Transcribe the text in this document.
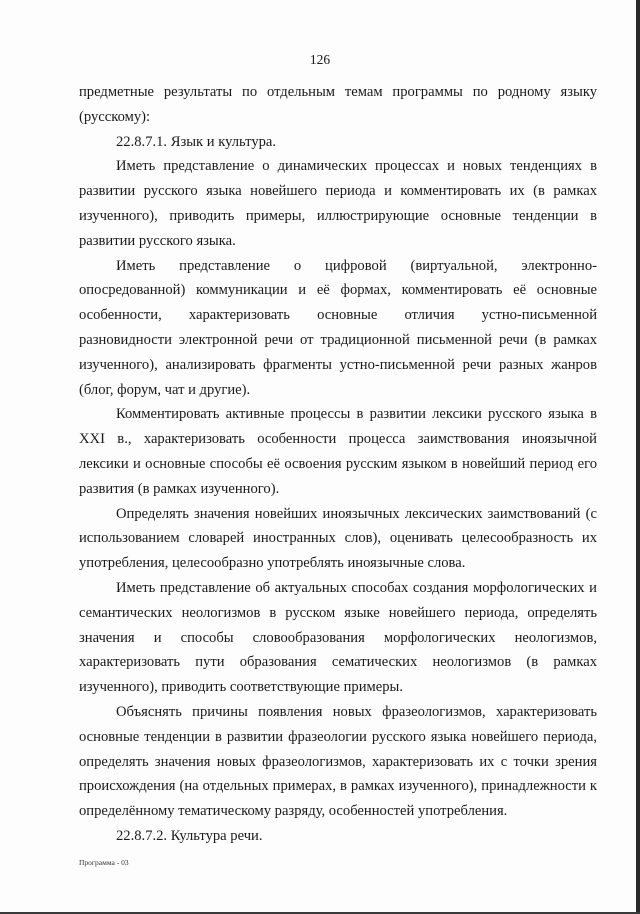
126

предметные результаты по отдельным темам программы по родному языку (русскому):

22.8.7.1. Язык и культура.

Иметь представление о динамических процессах и новых тенденциях в развитии русского языка новейшего периода и комментировать их (в рамках изученного), приводить примеры, иллюстрирующие основные тенденции в развитии русского языка.

Иметь представление о цифровой (виртуальной, электронно-опосредованной) коммуникации и её формах, комментировать её основные особенности, характеризовать основные отличия устно-письменной разновидности электронной речи от традиционной письменной речи (в рамках изученного), анализировать фрагменты устно-письменной речи разных жанров (блог, форум, чат и другие).

Комментировать активные процессы в развитии лексики русского языка в XXI в., характеризовать особенности процесса заимствования иноязычной лексики и основные способы её освоения русским языком в новейший период его развития (в рамках изученного).

Определять значения новейших иноязычных лексических заимствований (с использованием словарей иностранных слов), оценивать целесообразность их употребления, целесообразно употреблять иноязычные слова.

Иметь представление об актуальных способах создания морфологических и семантических неологизмов в русском языке новейшего периода, определять значения и способы словообразования морфологических неологизмов, характеризовать пути образования сематических неологизмов (в рамках изученного), приводить соответствующие примеры.

Объяснять причины появления новых фразеологизмов, характеризовать основные тенденции в развитии фразеологии русского языка новейшего периода, определять значения новых фразеологизмов, характеризовать их с точки зрения происхождения (на отдельных примерах, в рамках изученного), принадлежности к определённому тематическому разряду, особенностей употребления.

22.8.7.2. Культура речи.

Программа - 03
